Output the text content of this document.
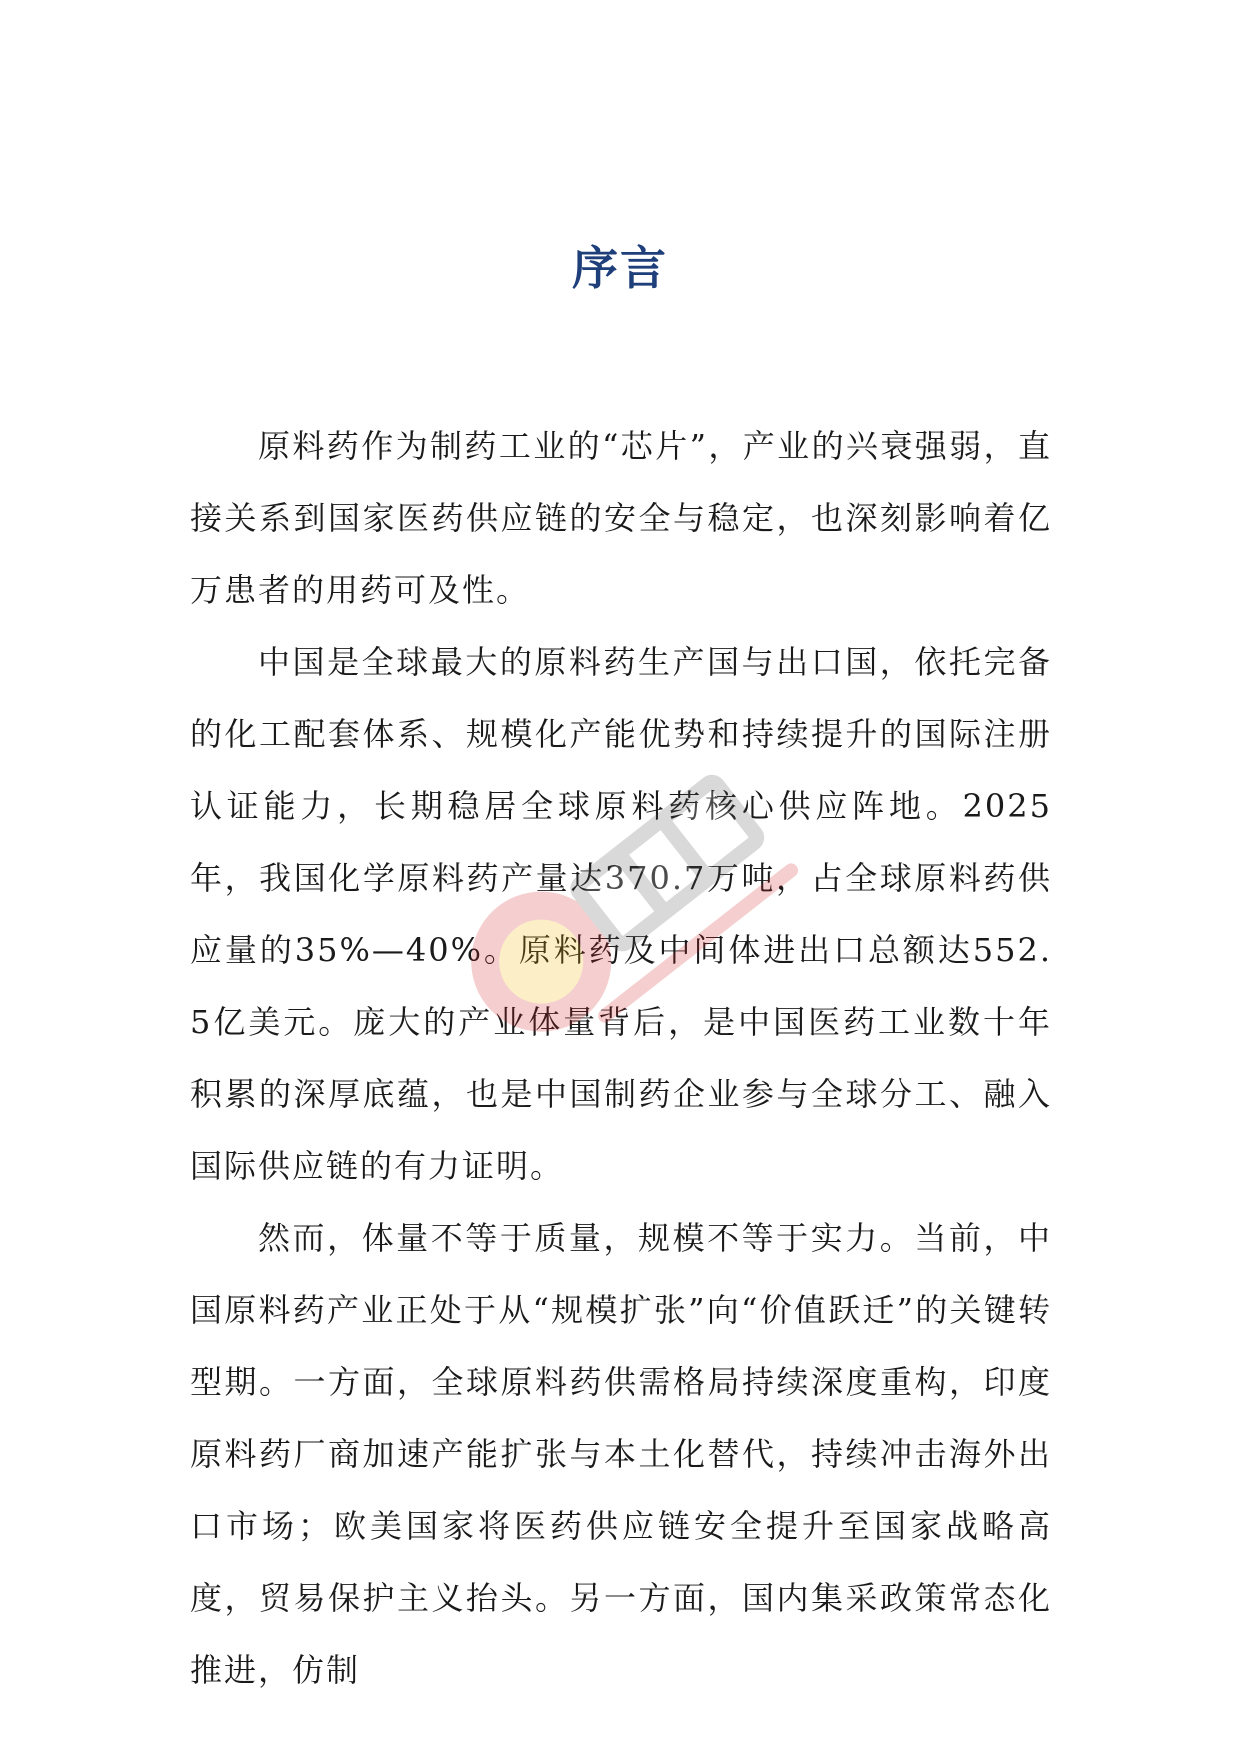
序言

原料药作为制药工业的“芯片”，产业的兴衰强弱，直接关系到国家医药供应链的安全与稳定，也深刻影响着亿万患者的用药可及性。

中国是全球最大的原料药生产国与出口国，依托完备的化工配套体系、规模化产能优势和持续提升的国际注册认证能力，长期稳居全球原料药核心供应阵地。2025年，我国化学原料药产量达370.7万吨，占全球原料药供应量的35%—40%。原料药及中间体进出口总额达552.5亿美元。庞大的产业体量背后，是中国医药工业数十年积累的深厚底蕴，也是中国制药企业参与全球分工、融入国际供应链的有力证明。

然而，体量不等于质量，规模不等于实力。当前，中国原料药产业正处于从“规模扩张”向“价值跃迁”的关键转型期。一方面，全球原料药供需格局持续深度重构，印度原料药厂商加速产能扩张与本土化替代，持续冲击海外出口市场；欧美国家将医药供应链安全提升至国家战略高度，贸易保护主义抬头。另一方面，国内集采政策常态化推进，仿制
